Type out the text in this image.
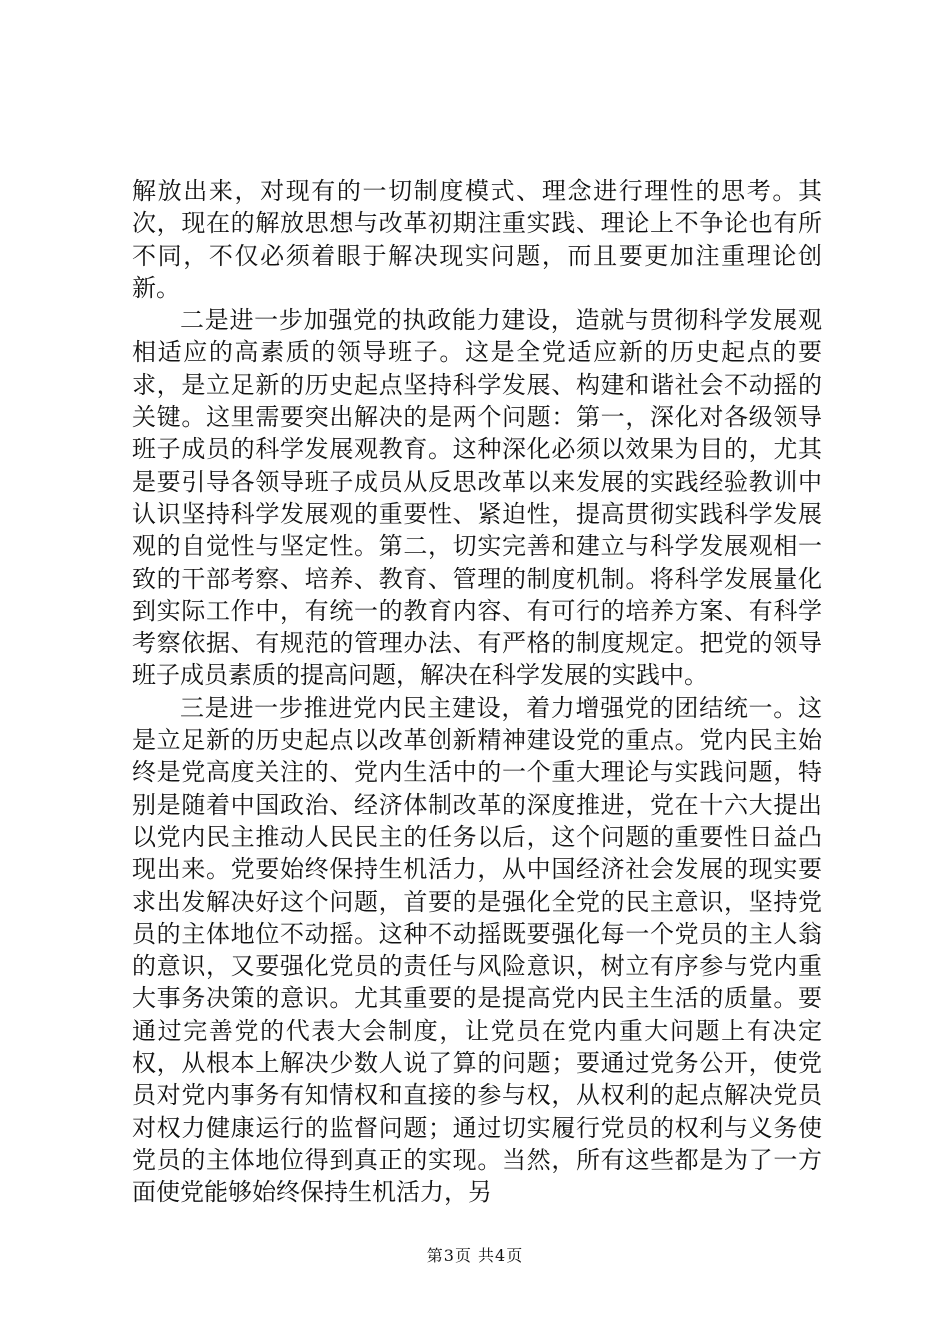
解放出来，对现有的一切制度模式、理念进行理性的思考。其次，现在的解放思想与改革初期注重实践、理论上不争论也有所不同，不仅必须着眼于解决现实问题，而且要更加注重理论创新。

二是进一步加强党的执政能力建设，造就与贯彻科学发展观相适应的高素质的领导班子。这是全党适应新的历史起点的要求，是立足新的历史起点坚持科学发展、构建和谐社会不动摇的关键。这里需要突出解决的是两个问题：第一，深化对各级领导班子成员的科学发展观教育。这种深化必须以效果为目的，尤其是要引导各领导班子成员从反思改革以来发展的实践经验教训中认识坚持科学发展观的重要性、紧迫性，提高贯彻实践科学发展观的自觉性与坚定性。第二，切实完善和建立与科学发展观相一致的干部考察、培养、教育、管理的制度机制。将科学发展量化到实际工作中，有统一的教育内容、有可行的培养方案、有科学考察依据、有规范的管理办法、有严格的制度规定。把党的领导班子成员素质的提高问题，解决在科学发展的实践中。

三是进一步推进党内民主建设，着力增强党的团结统一。这是立足新的历史起点以改革创新精神建设党的重点。党内民主始终是党高度关注的、党内生活中的一个重大理论与实践问题，特别是随着中国政治、经济体制改革的深度推进，党在十六大提出以党内民主推动人民民主的任务以后，这个问题的重要性日益凸现出来。党要始终保持生机活力，从中国经济社会发展的现实要求出发解决好这个问题，首要的是强化全党的民主意识，坚持党员的主体地位不动摇。这种不动摇既要强化每一个党员的主人翁的意识，又要强化党员的责任与风险意识，树立有序参与党内重大事务决策的意识。尤其重要的是提高党内民主生活的质量。要通过完善党的代表大会制度，让党员在党内重大问题上有决定权，从根本上解决少数人说了算的问题；要通过党务公开，使党员对党内事务有知情权和直接的参与权，从权利的起点解决党员对权力健康运行的监督问题；通过切实履行党员的权利与义务使党员的主体地位得到真正的实现。当然，所有这些都是为了一方面使党能够始终保持生机活力，另

第3页 共4页
